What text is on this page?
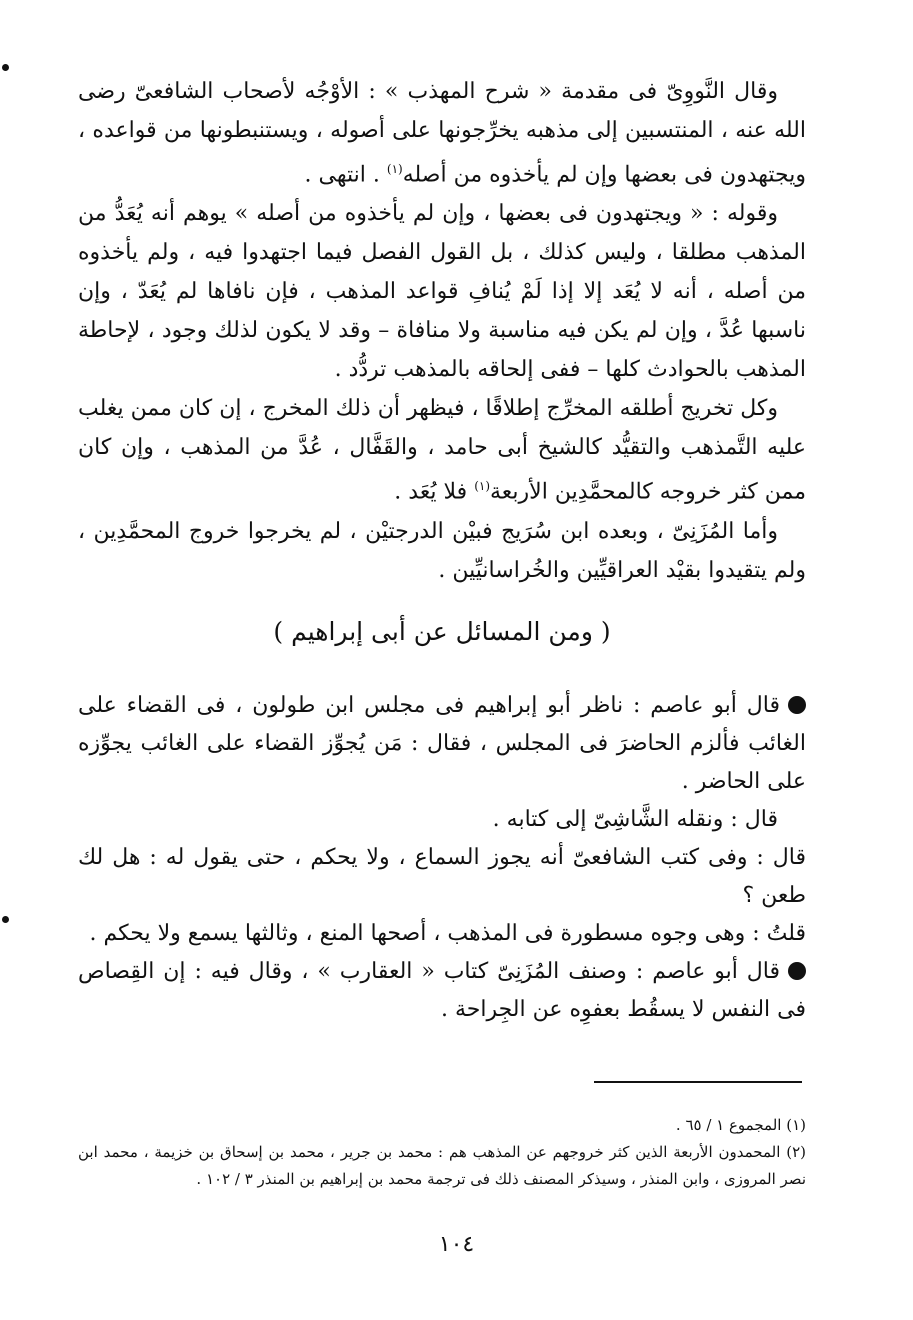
وقال النَّووِىّ فى مقدمة « شرح المهذب » : الأوْجُه لأصحاب الشافعىّ رضى الله عنه ، المنتسبين إلى مذهبه يخرِّجونها على أصوله ، ويستنبطونها من قواعده ، ويجتهدون فى بعضها وإن لم يأخذوه من أصله$^{(١)}$ . انتهى .

وقوله : « ويجتهدون فى بعضها ، وإن لم يأخذوه من أصله » يوهم أنه يُعَدُّ من المذهب مطلقا ، وليس كذلك ، بل القول الفصل فيما اجتهدوا فيه ، ولم يأخذوه من أصله ، أنه لا يُعَد إلا إذا لَمْ يُنافِ قواعد المذهب ، فإن نافاها لم يُعَدّ ، وإن ناسبها عُدَّ ، وإن لم يكن فيه مناسبة ولا منافاة – وقد لا يكون لذلك وجود ، لإحاطة المذهب بالحوادث كلها – ففى إلحاقه بالمذهب تردُّد .

وكل تخريج أطلقه المخرِّج إطلاقًا ، فيظهر أن ذلك المخرج ، إن كان ممن يغلب عليه التَّمذهب والتقيُّد كالشيخ أبى حامد ، والقَفَّال ، عُدَّ من المذهب ، وإن كان ممن كثر خروجه كالمحمَّدِين الأربعة$^{(١)}$ فلا يُعَد .

وأما المُزَنِىّ ، وبعده ابن سُرَيج فبيْن الدرجتيْن ، لم يخرجوا خروج المحمَّدِين ، ولم يتقيدوا بقيْد العراقيِّين والخُراسانيِّين .

( ومن المسائل عن أبى إبراهيم )

قال أبو عاصم : ناظر أبو إبراهيم فى مجلس ابن طولون ، فى القضاء على الغائب فألزم الحاضرَ فى المجلس ، فقال : مَن يُجوِّز القضاء على الغائب يجوِّزه على الحاضر .

قال : ونقله الشَّاشِىّ إلى كتابه .

قال : وفى كتب الشافعىّ أنه يجوز السماع ، ولا يحكم ، حتى يقول له : هل لك طعن ؟

قلتُ : وهى وجوه مسطورة فى المذهب ، أصحها المنع ، وثالثها يسمع ولا يحكم .

قال أبو عاصم : وصنف المُزَنِىّ كتاب « العقارب » ، وقال فيه : إن القِصاص فى النفس لا يسقُط بعفوِه عن الجِراحة .

(١) المجموع ١ / ٦٥ .

(٢) المحمدون الأربعة الذين كثر خروجهم عن المذهب هم : محمد بن جرير ، محمد بن إسحاق بن خزيمة ، محمد ابن نصر المروزى ، وابن المنذر ، وسيذكر المصنف ذلك فى ترجمة محمد بن إبراهيم بن المنذر ٣ / ١٠٢ .

١٠٤
